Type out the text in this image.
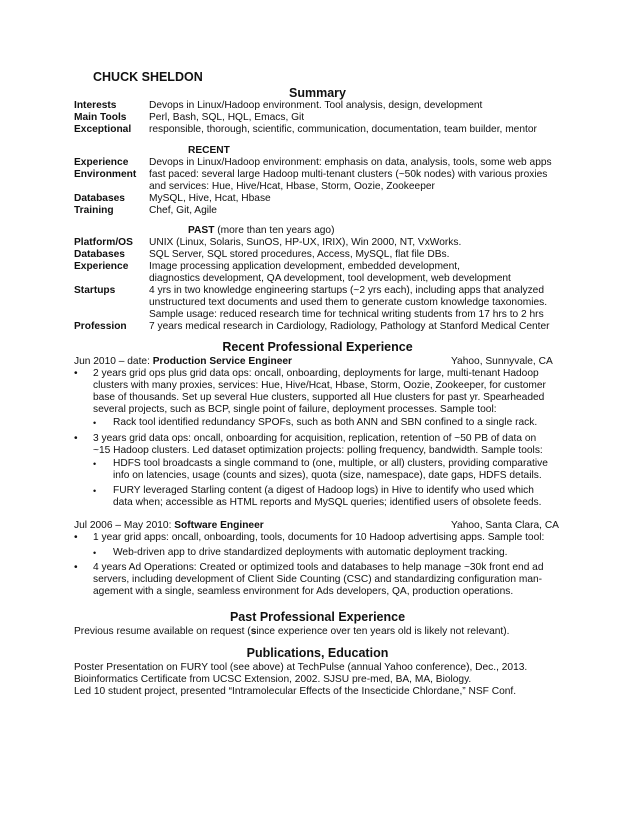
CHUCK SHELDON
Summary
Interests	Devops in Linux/Hadoop environment. Tool analysis, design, development
Main Tools	Perl, Bash, SQL, HQL, Emacs, Git
Exceptional	responsible, thorough, scientific, communication, documentation, team builder, mentor
RECENT
Experience	Devops in Linux/Hadoop environment: emphasis on data, analysis, tools, some web apps
Environment	fast paced: several large Hadoop multi-tenant clusters (~50k nodes) with various proxies
and services: Hue, Hive/Hcat, Hbase, Storm, Oozie, Zookeeper
Databases	MySQL, Hive, Hcat, Hbase
Training	Chef, Git, Agile
PAST (more than ten years ago)
Platform/OS	UNIX (Linux, Solaris, SunOS, HP-UX, IRIX), Win 2000, NT, VxWorks.
Databases	SQL Server, SQL stored procedures, Access, MySQL, flat file DBs.
Experience	Image processing application development, embedded development,
diagnostics development, QA development, tool development, web development
Startups	4 yrs in two knowledge engineering startups (~2 yrs each), including apps that analyzed
unstructured text documents and used them to generate custom knowledge taxonomies.
Sample usage: reduced research time for technical writing students from 17 hrs to 2 hrs
Profession	7 years medical research in Cardiology, Radiology, Pathology at Stanford Medical Center
Recent Professional Experience
Jun 2010 – date: Production Service Engineer	Yahoo, Sunnyvale, CA
• 2 years grid ops plus grid data ops: oncall, onboarding, deployments for large, multi-tenant Hadoop
clusters with many proxies, services: Hue, Hive/Hcat, Hbase, Storm, Oozie, Zookeeper, for customer
base of thousands. Set up several Hue clusters, supported all Hue clusters for past yr. Spearheaded
several projects, such as BCP, single point of failure, deployment processes. Sample tool:
• Rack tool identified redundancy SPOFs, such as both ANN and SBN confined to a single rack.
• 3 years grid data ops: oncall, onboarding for acquisition, replication, retention of ~50 PB of data on
~15 Hadoop clusters. Led dataset optimization projects: polling frequency, bandwidth. Sample tools:
• HDFS tool broadcasts a single command to (one, multiple, or all) clusters, providing comparative
info on latencies, usage (counts and sizes), quota (size, namespace), date gaps, HDFS details.
• FURY leveraged Starling content (a digest of Hadoop logs) in Hive to identify who used which
data when; accessible as HTML reports and MySQL queries; identified users of obsolete feeds.
Jul 2006 – May 2010: Software Engineer	Yahoo, Santa Clara, CA
• 1 year grid apps: oncall, onboarding, tools, documents for 10 Hadoop advertising apps. Sample tool:
• Web-driven app to drive standardized deployments with automatic deployment tracking.
• 4 years Ad Operations: Created or optimized tools and databases to help manage ~30k front end ad
servers, including development of Client Side Counting (CSC) and standardizing configuration man-
agement with a single, seamless environment for Ads developers, QA, production operations.
Past Professional Experience
Previous resume available on request (since experience over ten years old is likely not relevant).
Publications, Education
Poster Presentation on FURY tool (see above) at TechPulse (annual Yahoo conference), Dec., 2013.
Bioinformatics Certificate from UCSC Extension, 2002. SJSU pre-med, BA, MA, Biology.
Led 10 student project, presented “Intramolecular Effects of the Insecticide Chlordane,” NSF Conf.
